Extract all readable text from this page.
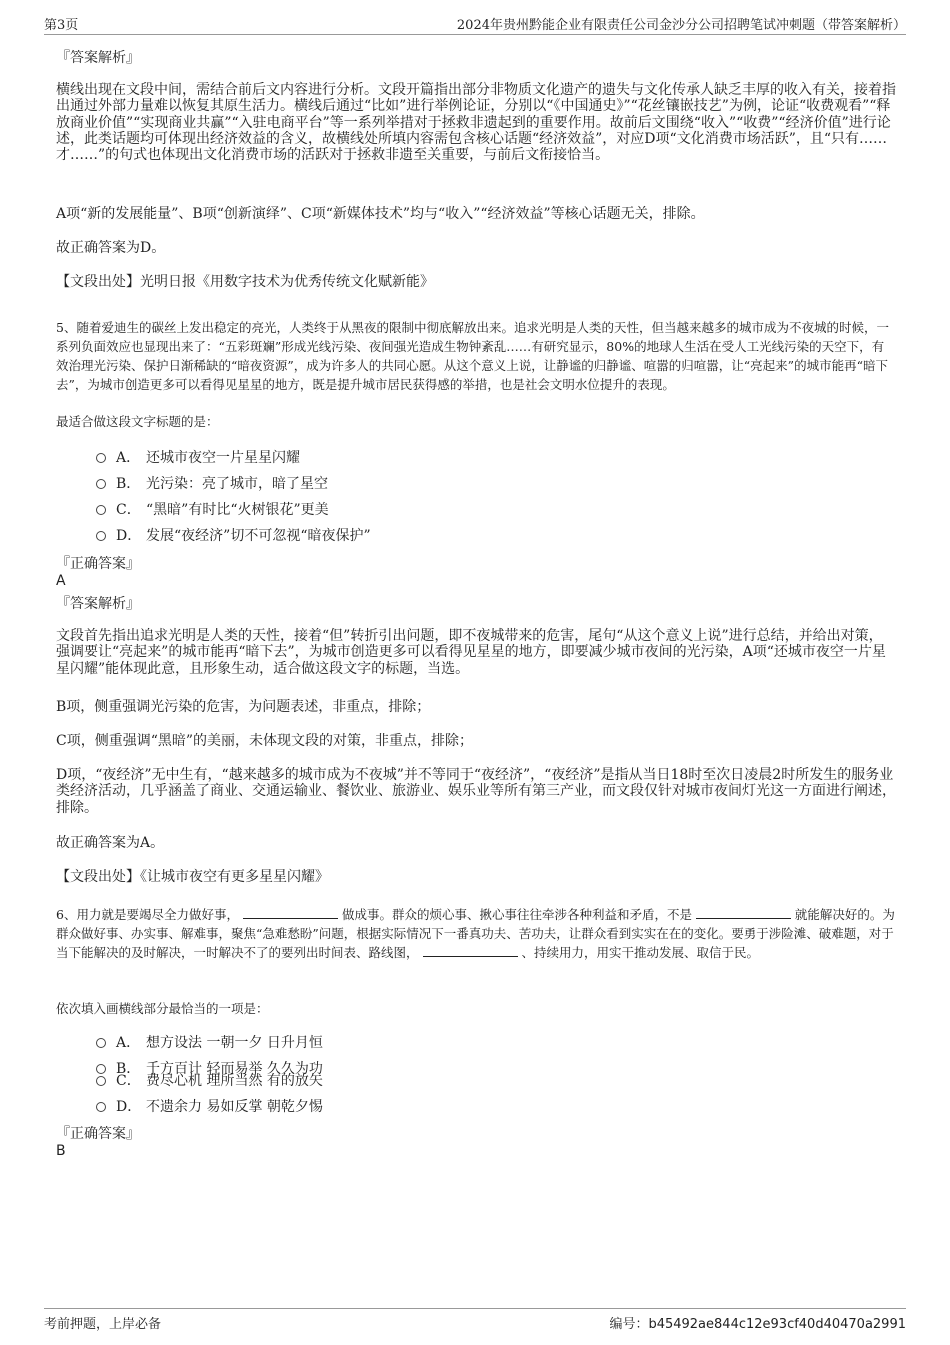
第3页	2024年贵州黔能企业有限责任公司金沙分公司招聘笔试冲刺题（带答案解析）
『答案解析』
横线出现在文段中间，需结合前后文内容进行分析。文段开篇指出部分非物质文化遗产的遗失与文化传承人缺乏丰厚的收入有关，接着指出通过外部力量难以恢复其原生活力。横线后通过“比如”进行举例论证，分别以“《中国通史》”“花丝镶嵌技艺”为例，论证“收费观看”“释放商业价值”“实现商业共赢”“入驻电商平台”等一系列举措对于拯救非遗起到的重要作用。故前后文围绕“收入”“收费”“经济价值”进行论述，此类话题均可体现出经济效益的含义，故横线处所填内容需包含核心话题“经济效益”，对应D项“文化消费市场活跃”，且“只有……才……”的句式也体现出文化消费市场的活跃对于拯救非遗至关重要，与前后文衔接恰当。
A项“新的发展能量”、B项“创新演绎”、C项“新媒体技术”均与“收入”“经济效益”等核心话题无关，排除。
故正确答案为D。
【文段出处】光明日报《用数字技术为优秀传统文化赋新能》
5、随着爱迪生的碳丝上发出稳定的亮光，人类终于从黑夜的限制中彻底解放出来。追求光明是人类的天性，但当越来越多的城市成为不夜城的时候，一系列负面效应也显现出来了：“五彩斑斓”形成光线污染、夜间强光造成生物钟紊乱……有研究显示，80%的地球人生活在受人工光线污染的天空下，有效治理光污染、保护日渐稀缺的“暗夜资源”，成为许多人的共同心愿。从这个意义上说，让静谧的归静谧、喧嚣的归喧嚣，让“亮起来”的城市能再“暗下去”，为城市创造更多可以看得见星星的地方，既是提升城市居民获得感的举措，也是社会文明水位提升的表现。
最适合做这段文字标题的是：
A． 还城市夜空一片星星闪耀
B． 光污染：亮了城市，暗了星空
C． “黑暗”有时比“火树银花”更美
D． 发展“夜经济”切不可忽视“暗夜保护”
『正确答案』
A
『答案解析』
文段首先指出追求光明是人类的天性，接着“但”转折引出问题，即不夜城带来的危害，尾句“从这个意义上说”进行总结，并给出对策，强调要让“亮起来”的城市能再“暗下去”，为城市创造更多可以看得见星星的地方，即要减少城市夜间的光污染，A项“还城市夜空一片星星闪耀”能体现此意，且形象生动，适合做这段文字的标题，当选。
B项，侧重强调光污染的危害，为问题表述，非重点，排除；
C项，侧重强调“黑暗”的美丽，未体现文段的对策，非重点，排除；
D项，“夜经济”无中生有，“越来越多的城市成为不夜城”并不等同于“夜经济”，“夜经济”是指从当日18时至次日凌晨2时所发生的服务业类经济活动，几乎涵盖了商业、交通运输业、餐饮业、旅游业、娱乐业等所有第三产业，而文段仅针对城市夜间灯光这一方面进行阐述，排除。
故正确答案为A。
【文段出处】《让城市夜空有更多星星闪耀》
6、用力就是要竭尽全力做好事，	做成事。群众的烦心事、揪心事往往牵涉各种利益和矛盾，不是	就能解决好的。为群众做好事、办实事、解难事，聚焦“急难愁盼”问题，根据实际情况下一番真功夫、苦功夫，让群众看到实实在在的变化。要勇于涉险滩、破难题，对于当下能解决的及时解决，一时解决不了的要列出时间表、路线图，	、持续用力，用实干推动发展、取信于民。
依次填入画横线部分最恰当的一项是：
A． 想方设法 一朝一夕 日升月恒
B． 千方百计 轻而易举 久久为功
C． 费尽心机 理所当然 有的放矢
D． 不遗余力 易如反掌 朝乾夕惕
『正确答案』
B
考前押题，上岸必备	编号：b45492ae844c12e93cf40d40470a2991
